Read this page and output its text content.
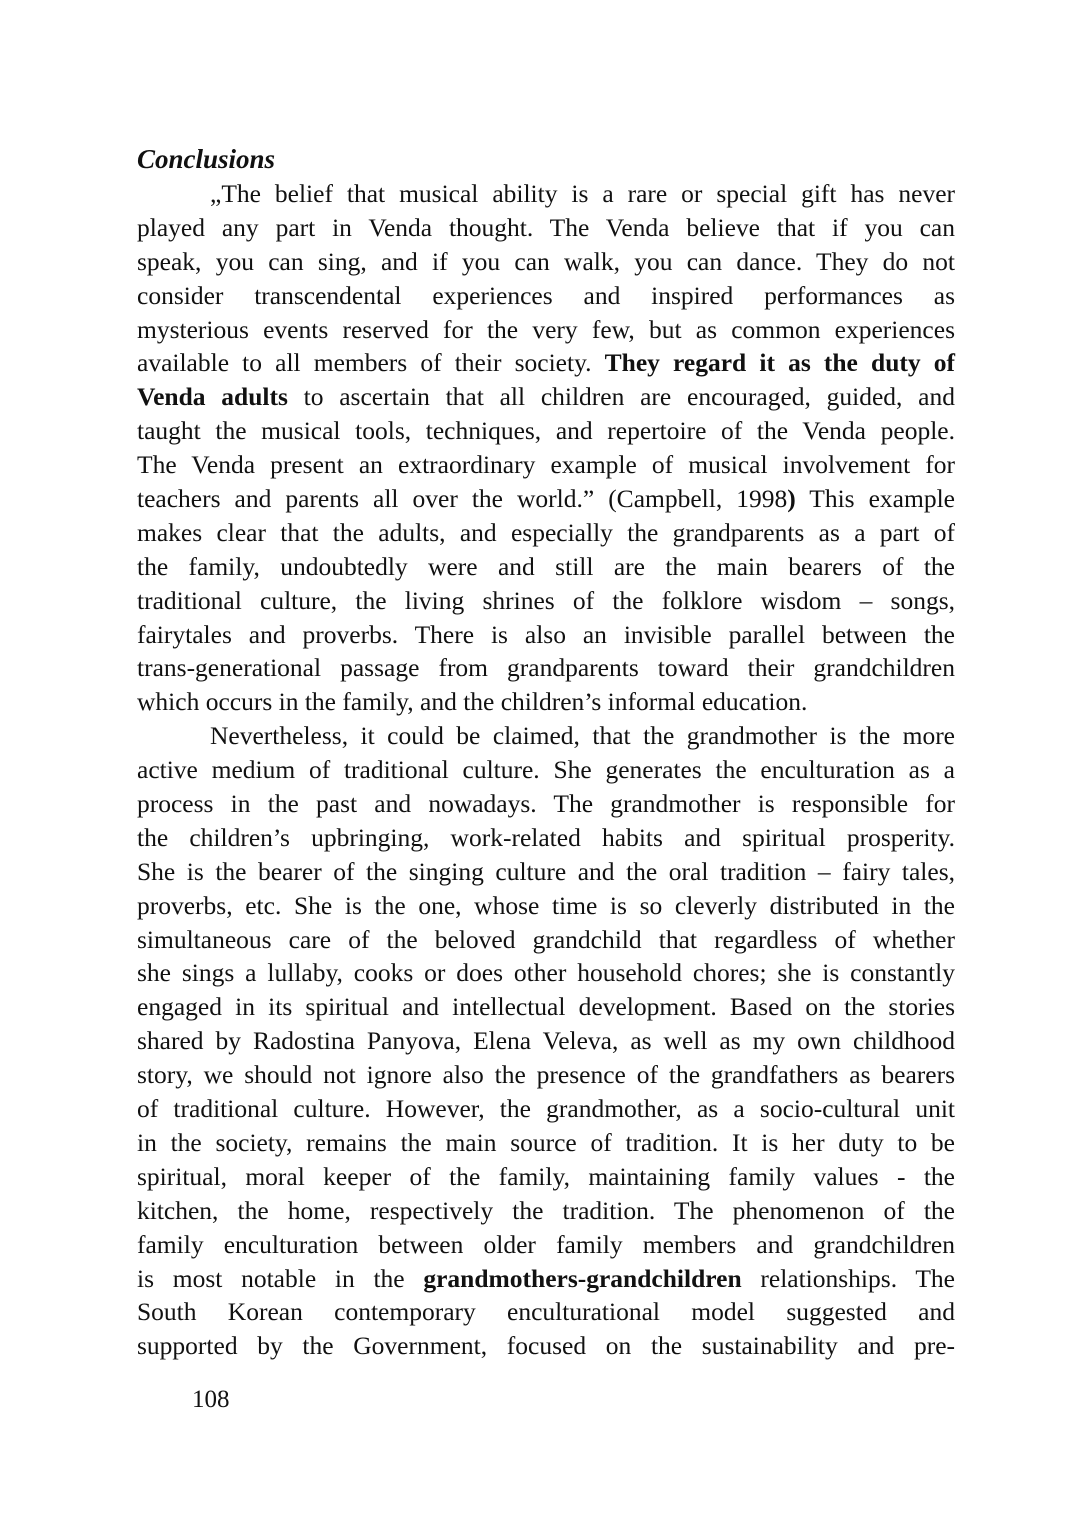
Conclusions
„The belief that musical ability is a rare or special gift has never
played any part in Venda thought. The Venda believe that if you can
speak, you can sing, and if you can walk, you can dance. They do not
consider transcendental experiences and inspired performances as
mysterious events reserved for the very few, but as common experiences
available to all members of their society. They regard it as the duty of
Venda adults to ascertain that all children are encouraged, guided, and
taught the musical tools, techniques, and repertoire of the Venda people.
The Venda present an extraordinary example of musical involvement for
teachers and parents all over the world.” (Campbell, 1998) This example
makes clear that the adults, and especially the grandparents as a part of
the family, undoubtedly were and still are the main bearers of the
traditional culture, the living shrines of the folklore wisdom – songs,
fairytales and proverbs. There is also an invisible parallel between the
trans-generational passage from grandparents toward their grandchildren
which occurs in the family, and the children’s informal education.
Nevertheless, it could be claimed, that the grandmother is the more
active medium of traditional culture. She generates the enculturation as a
process in the past and nowadays. The grandmother is responsible for
the children’s upbringing, work-related habits and spiritual prosperity.
She is the bearer of the singing culture and the oral tradition – fairy tales,
proverbs, etc. She is the one, whose time is so cleverly distributed in the
simultaneous care of the beloved grandchild that regardless of whether
she sings a lullaby, cooks or does other household chores; she is constantly
engaged in its spiritual and intellectual development. Based on the stories
shared by Radostina Panyova, Elena Veleva, as well as my own childhood
story, we should not ignore also the presence of the grandfathers as bearers
of traditional culture. However, the grandmother, as a socio-cultural unit
in the society, remains the main source of tradition. It is her duty to be
spiritual, moral keeper of the family, maintaining family values - the
kitchen, the home, respectively the tradition. The phenomenon of the
family enculturation between older family members and grandchildren
is most notable in the grandmothers-grandchildren relationships. The
South Korean contemporary enculturational model suggested and
supported by the Government, focused on the sustainability and pre-
108
